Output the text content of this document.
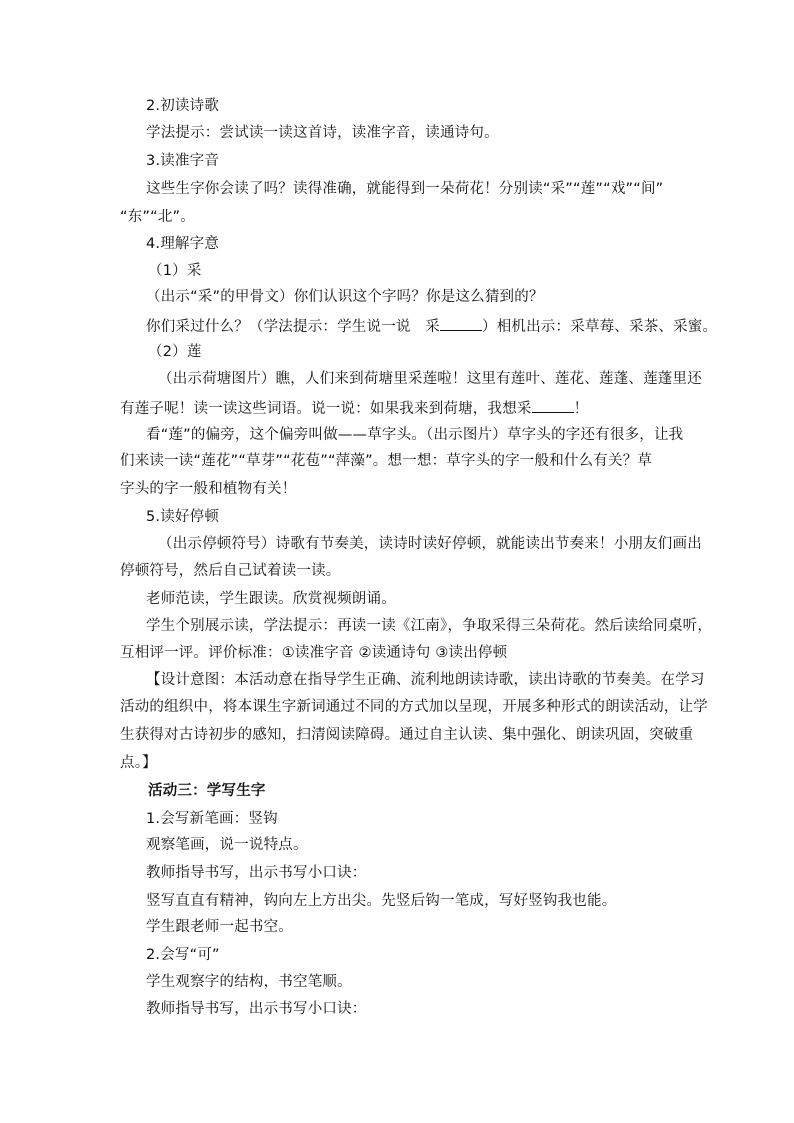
2.初读诗歌
学法提示：尝试读一读这首诗，读准字音，读通诗句。
3.读准字音
这些生字你会读了吗？读得准确，就能得到一朵荷花！分别读“采”“莲”“戏”“间”
“东”“北”。
4.理解字意
（1）采
（出示“采”的甲骨文）你们认识这个字吗？你是这么猜到的？
你们采过什么？（学法提示：学生说一说　采	）相机出示：采草莓、采茶、采蜜。
（2）莲
（出示荷塘图片）瞧，人们来到荷塘里采莲啦！这里有莲叶、莲花、莲蓬、莲蓬里还
有莲子呢！读一读这些词语。说一说：如果我来到荷塘，我想采	！
看“莲”的偏旁，这个偏旁叫做——草字头。（出示图片）草字头的字还有很多，让我
们来读一读“莲花”“草芽”“花苞”“萍藻”。想一想：草字头的字一般和什么有关？草
字头的字一般和植物有关！
5.读好停顿
（出示停顿符号）诗歌有节奏美，读诗时读好停顿，就能读出节奏来！小朋友们画出
停顿符号，然后自己试着读一读。
老师范读，学生跟读。欣赏视频朗诵。
学生个别展示读，学法提示：再读一读《江南》，争取采得三朵荷花。然后读给同桌听，
互相评一评。评价标准：①读准字音 ②读通诗句 ③读出停顿
【设计意图：本活动意在指导学生正确、流利地朗读诗歌，读出诗歌的节奏美。在学习
活动的组织中，将本课生字新词通过不同的方式加以呈现，开展多种形式的朗读活动，让学
生获得对古诗初步的感知，扫清阅读障碍。通过自主认读、集中强化、朗读巩固，突破重
点。】
活动三：学写生字
1.会写新笔画：竖钩
观察笔画，说一说特点。
教师指导书写，出示书写小口诀：
竖写直直有精神，钩向左上方出尖。先竖后钩一笔成，写好竖钩我也能。
学生跟老师一起书空。
2.会写“可”
学生观察字的结构，书空笔顺。
教师指导书写，出示书写小口诀：
